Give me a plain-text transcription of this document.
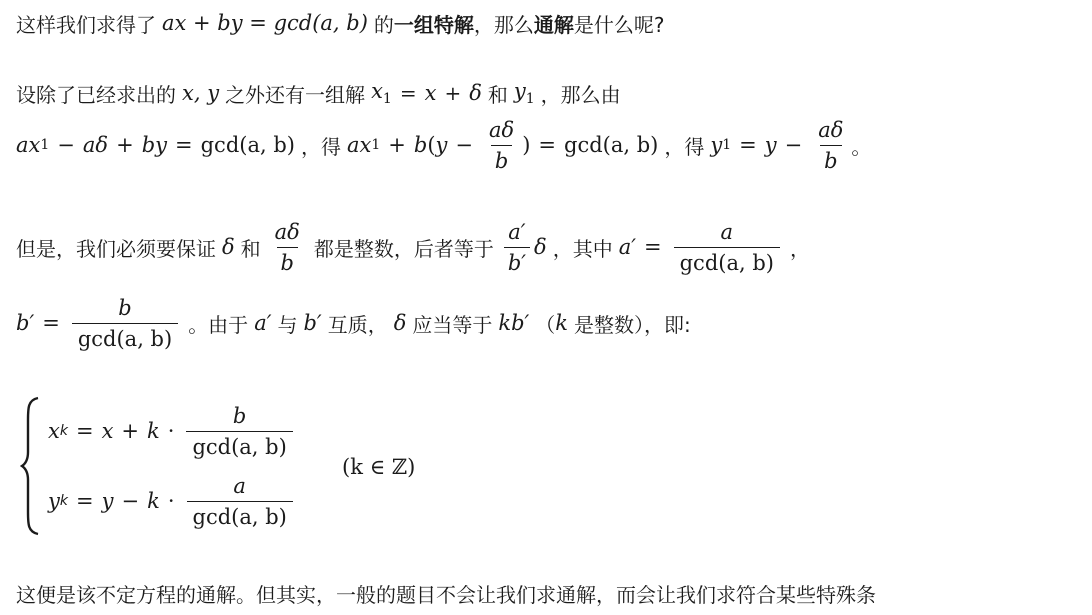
这样我们求得了 ax + by = gcd(a, b) 的 一组特解 ，那么 通解 是什么呢?
设除了已经求出的 x, y 之外还有一组解 $x_1 = x + \delta$ 和 $y_1$ ，那么由
a x 1 − aδ + by = gcd(a, b) ，得 a x 1 + b ( $y - \frac{a\delta}{b}$ ) = gcd(a, b) ，得 y $1 = y - \frac{a\delta}{b}$ 。
但是，我们必须要保证 δ 和 $\frac{a\delta}{b}$ 都是整数，后者等于 $\frac{a'}{b'}$ δ ，其中 $a' = \frac{a}{\gcd(a, b)}$ ，
$b' = \frac{b}{\gcd(a, b)}$ 。由于 a′ 与 b′ 互质， δ 应当等于 kb′ （ k 是整数），即:
x $k = x + k \cdot \frac{b}{\gcd(a, b)}$
y $k = y - k \cdot \frac{a}{\gcd(a, b)}$
(k ∈ ℤ)
这便是该不定方程的通解。但其实，一般的题目不会让我们求通解，而会让我们求符合某些特殊条
